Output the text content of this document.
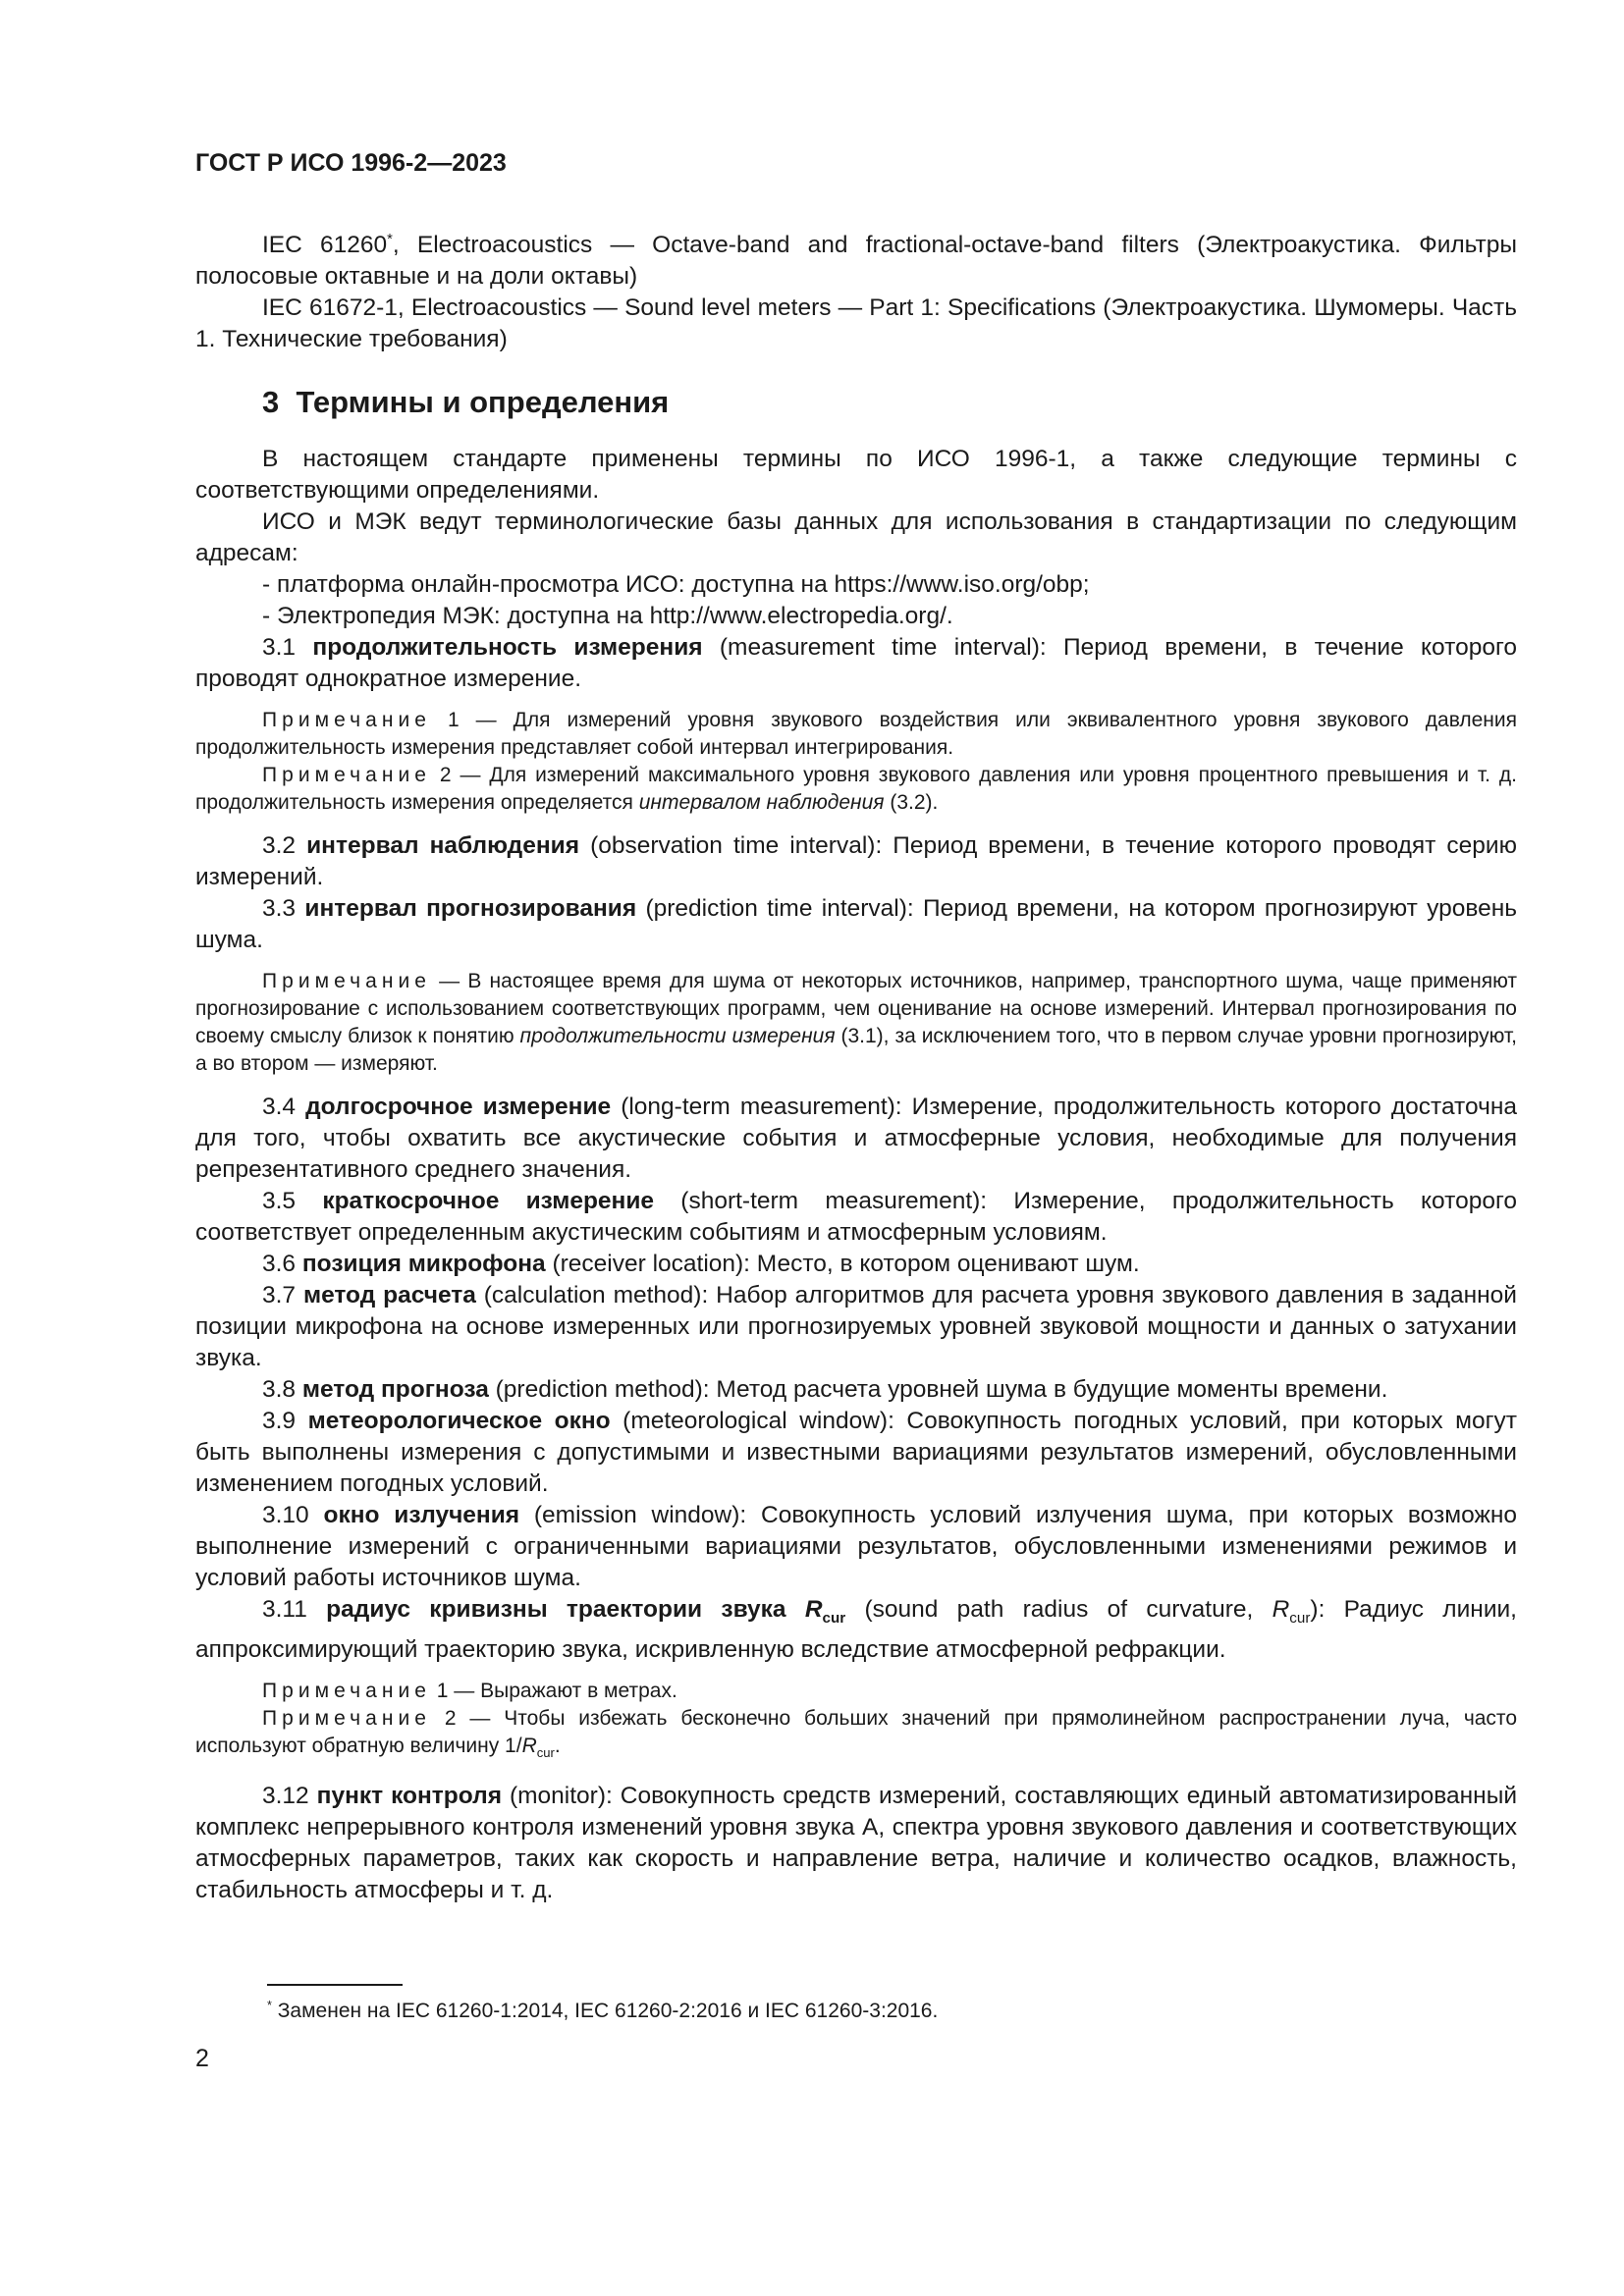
ГОСТ Р ИСО 1996-2—2023

IEC 61260*, Electroacoustics — Octave-band and fractional-octave-band filters (Электроакустика. Фильтры полосовые октавные и на доли октавы)

IEC 61672-1, Electroacoustics — Sound level meters — Part 1: Specifications (Электроакустика. Шумомеры. Часть 1. Технические требования)

3 Термины и определения

В настоящем стандарте применены термины по ИСО 1996-1, а также следующие термины с соответствующими определениями.

ИСО и МЭК ведут терминологические базы данных для использования в стандартизации по следующим адресам:

- платформа онлайн-просмотра ИСО: доступна на https://www.iso.org/obp;

- Электропедия МЭК: доступна на http://www.electropedia.org/.

3.1 продолжительность измерения (measurement time interval): Период времени, в течение которого проводят однократное измерение.

Примечание 1 — Для измерений уровня звукового воздействия или эквивалентного уровня звукового давления продолжительность измерения представляет собой интервал интегрирования.

Примечание 2 — Для измерений максимального уровня звукового давления или уровня процентного превышения и т. д. продолжительность измерения определяется интервалом наблюдения (3.2).

3.2 интервал наблюдения (observation time interval): Период времени, в течение которого проводят серию измерений.

3.3 интервал прогнозирования (prediction time interval): Период времени, на котором прогнозируют уровень шума.

Примечание — В настоящее время для шума от некоторых источников, например, транспортного шума, чаще применяют прогнозирование с использованием соответствующих программ, чем оценивание на основе измерений. Интервал прогнозирования по своему смыслу близок к понятию продолжительности измерения (3.1), за исключением того, что в первом случае уровни прогнозируют, а во втором — измеряют.

3.4 долгосрочное измерение (long-term measurement): Измерение, продолжительность которого достаточна для того, чтобы охватить все акустические события и атмосферные условия, необходимые для получения репрезентативного среднего значения.

3.5 краткосрочное измерение (short-term measurement): Измерение, продолжительность которого соответствует определенным акустическим событиям и атмосферным условиям.

3.6 позиция микрофона (receiver location): Место, в котором оценивают шум.

3.7 метод расчета (calculation method): Набор алгоритмов для расчета уровня звукового давления в заданной позиции микрофона на основе измеренных или прогнозируемых уровней звуковой мощности и данных о затухании звука.

3.8 метод прогноза (prediction method): Метод расчета уровней шума в будущие моменты времени.

3.9 метеорологическое окно (meteorological window): Совокупность погодных условий, при которых могут быть выполнены измерения с допустимыми и известными вариациями результатов измерений, обусловленными изменением погодных условий.

3.10 окно излучения (emission window): Совокупность условий излучения шума, при которых возможно выполнение измерений с ограниченными вариациями результатов, обусловленными изменениями режимов и условий работы источников шума.

3.11 радиус кривизны траектории звука $R_{cur}$ (sound path radius of curvature, $R_{cur}$): Радиус линии, аппроксимирующий траекторию звука, искривленную вследствие атмосферной рефракции.

Примечание 1 — Выражают в метрах.

Примечание 2 — Чтобы избежать бесконечно больших значений при прямолинейном распространении луча, часто используют обратную величину $1/R_{cur}$.

3.12 пункт контроля (monitor): Совокупность средств измерений, составляющих единый автоматизированный комплекс непрерывного контроля изменений уровня звука А, спектра уровня звукового давления и соответствующих атмосферных параметров, таких как скорость и направление ветра, наличие и количество осадков, влажность, стабильность атмосферы и т. д.

* Заменен на IEC 61260-1:2014, IEC 61260-2:2016 и IEC 61260-3:2016.
2
